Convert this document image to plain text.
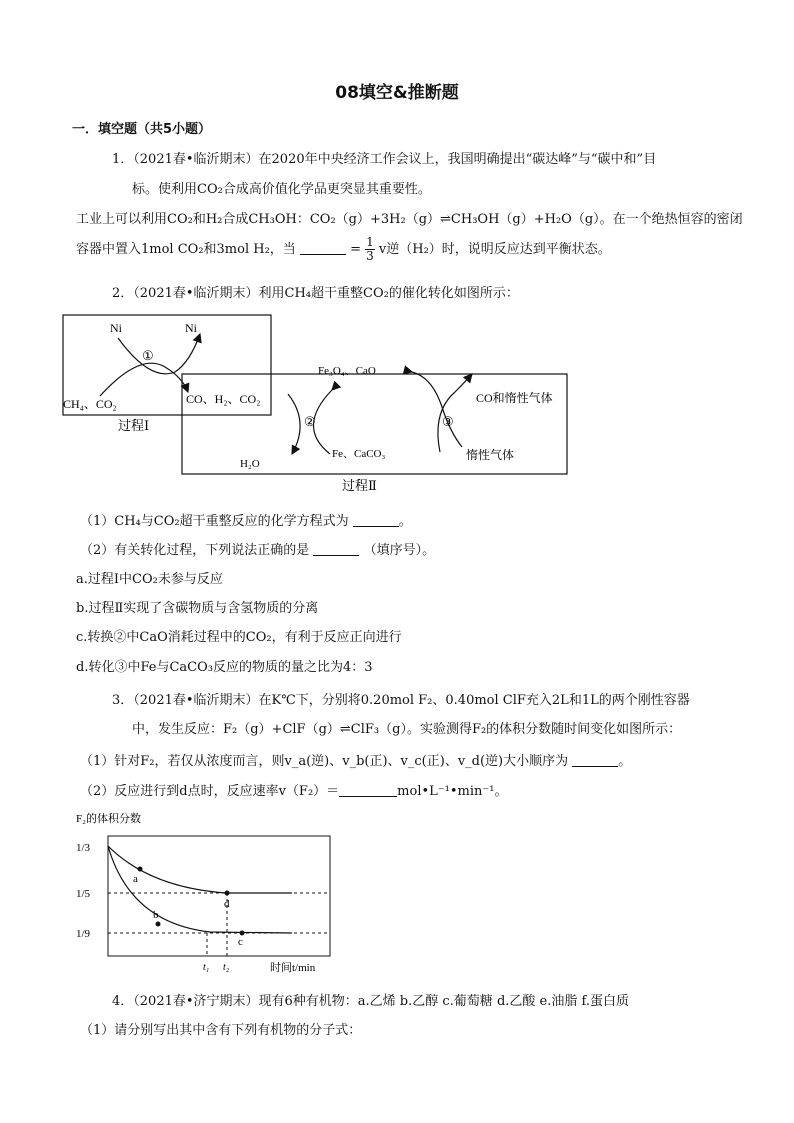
08填空&推断题
一．填空题（共5小题）
1．（2021春•临沂期末）在2020年中央经济工作会议上，我国明确提出“碳达峰”与“碳中和”目
标。使利用CO₂合成高价值化学品更突显其重要性。
工业上可以利用CO₂和H₂合成CH₃OH：CO₂（g）+3H₂（g）⇌CH₃OH（g）+H₂O（g）。在一个绝热恒容的密闭
容器中置入1mol CO₂和3mol H₂，当	= $\frac{1}{3}$ v逆（H₂）时，说明反应达到平衡状态。
2．（2021春•临沂期末）利用CH₄超干重整CO₂的催化转化如图所示：
Ni	Ni
①
CH₄、CO₂	CO、H₂、CO₂
过程Ⅰ	②
Fe₃O₄、CaO
H₂O
Fe、CaCO₃
③
CO和惰性气体
惰性气体
过程Ⅱ
（1）CH₄与CO₂超干重整反应的化学方程式为	。
（2）有关转化过程，下列说法正确的是	（填序号）。
a.过程Ⅰ中CO₂未参与反应
b.过程Ⅱ实现了含碳物质与含氢物质的分离
c.转换②中CaO消耗过程中的CO₂，有利于反应正向进行
d.转化③中Fe与CaCO₃反应的物质的量之比为4：3
3．（2021春•临沂期末）在K℃下，分别将0.20mol F₂、0.40mol ClF充入2L和1L的两个刚性容器
中，发生反应：F₂（g）+ClF（g）⇌ClF₃（g）。实验测得F₂的体积分数随时间变化如图所示：
（1）针对F₂，若仅从浓度而言，则v_a(逆)、v_b(正)、v_c(正)、v_d(逆)大小顺序为	。
（2）反应进行到d点时，反应速率v（F₂）＝	mol•L⁻¹•min⁻¹。
F₂的体积分数
1/3
1/5
1/9
a
b
c
d
t₁ t₂	时间t/min
4．（2021春•济宁期末）现有6种有机物：a.乙烯 b.乙醇 c.葡萄糖 d.乙酸 e.油脂 f.蛋白质
（1）请分别写出其中含有下列有机物的分子式：
